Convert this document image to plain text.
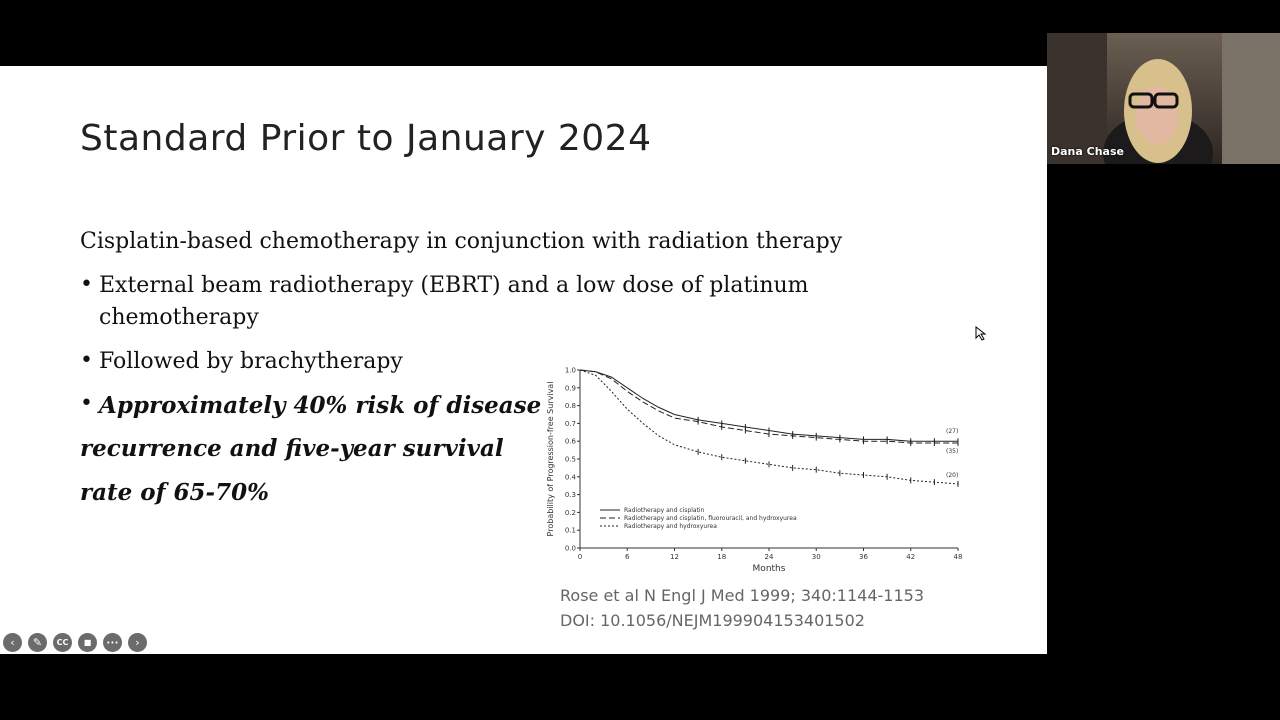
Standard Prior to January 2024
Cisplatin-based chemotherapy in conjunction with radiation therapy
• External beam radiotherapy (EBRT) and a low dose of platinum
chemotherapy
• Followed by brachytherapy
• Approximately 40% risk of disease
recurrence and five-year survival
rate of 65-70%
0	6	12	18	24	30	36	42	48
0.0
0.1
0.2
0.3
0.4
0.5
0.6
0.7
0.8
0.9
1.0
(27)
(35)
(20)
Radiotherapy and cisplatin
Radiotherapy and cisplatin, fluorouracil, and hydroxyurea
Radiotherapy and hydroxyurea
Months
Probability of Progression-free Survival
Rose et al N Engl J Med 1999; 340:1144-1153
DOI: 10.1056/NEJM199904153401502
‹	✎	CC	■	•••	›
Dana Chase
